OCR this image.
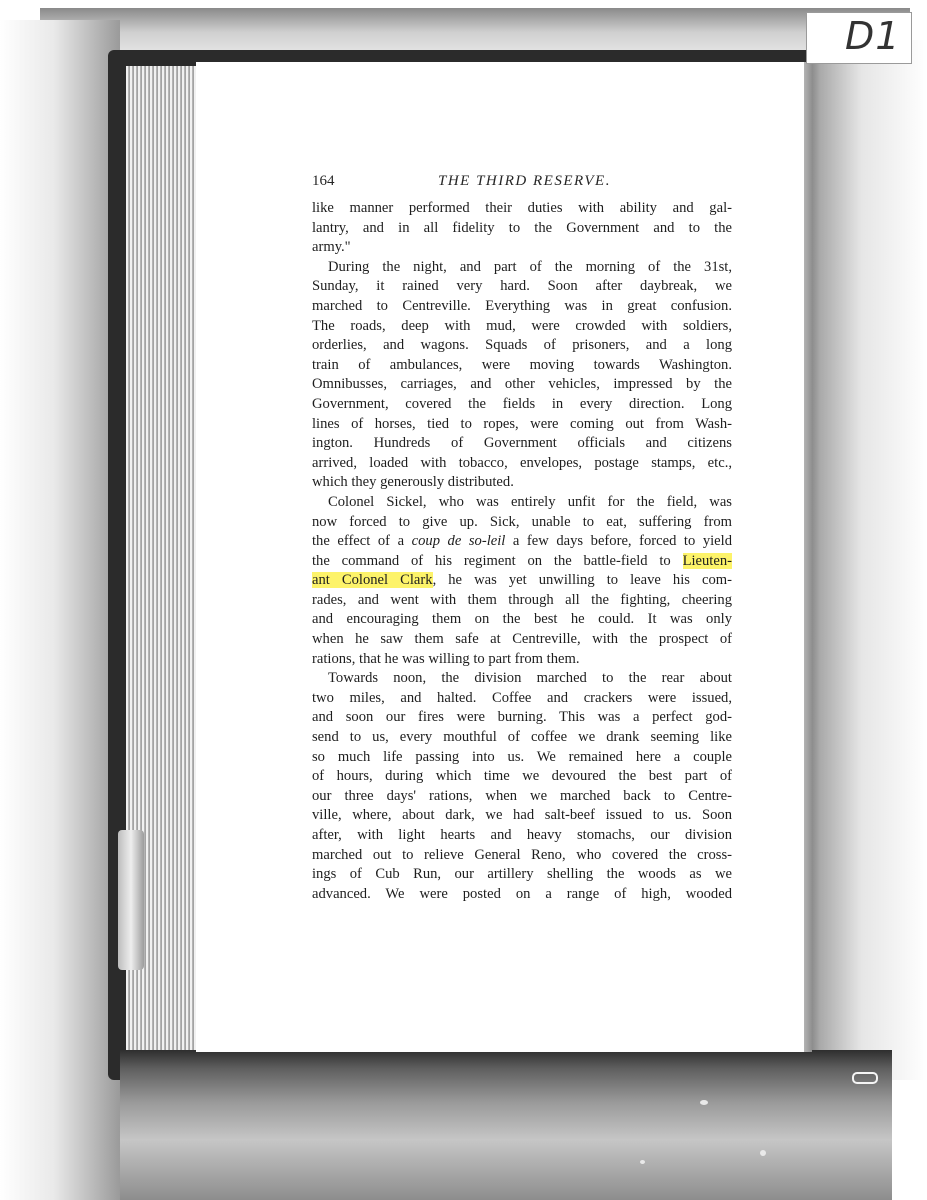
D1
164	THE THIRD RESERVE.
like manner performed their duties with ability and gal-
lantry, and in all fidelity to the Government and to the
army."
During the night, and part of the morning of the 31st,
Sunday, it rained very hard. Soon after daybreak, we
marched to Centreville. Everything was in great confusion.
The roads, deep with mud, were crowded with soldiers,
orderlies, and wagons. Squads of prisoners, and a long
train of ambulances, were moving towards Washington.
Omnibusses, carriages, and other vehicles, impressed by the
Government, covered the fields in every direction. Long
lines of horses, tied to ropes, were coming out from Wash-
ington. Hundreds of Government officials and citizens
arrived, loaded with tobacco, envelopes, postage stamps, etc.,
which they generously distributed.
Colonel Sickel, who was entirely unfit for the field, was
now forced to give up. Sick, unable to eat, suffering from
the effect of a coup de so-leil a few days before, forced to yield
the command of his regiment on the battle-field to Lieuten-
ant Colonel Clark, he was yet unwilling to leave his com-
rades, and went with them through all the fighting, cheering
and encouraging them on the best he could. It was only
when he saw them safe at Centreville, with the prospect of
rations, that he was willing to part from them.
Towards noon, the division marched to the rear about
two miles, and halted. Coffee and crackers were issued,
and soon our fires were burning. This was a perfect god-
send to us, every mouthful of coffee we drank seeming like
so much life passing into us. We remained here a couple
of hours, during which time we devoured the best part of
our three days' rations, when we marched back to Centre-
ville, where, about dark, we had salt-beef issued to us. Soon
after, with light hearts and heavy stomachs, our division
marched out to relieve General Reno, who covered the cross-
ings of Cub Run, our artillery shelling the woods as we
advanced. We were posted on a range of high, wooded
